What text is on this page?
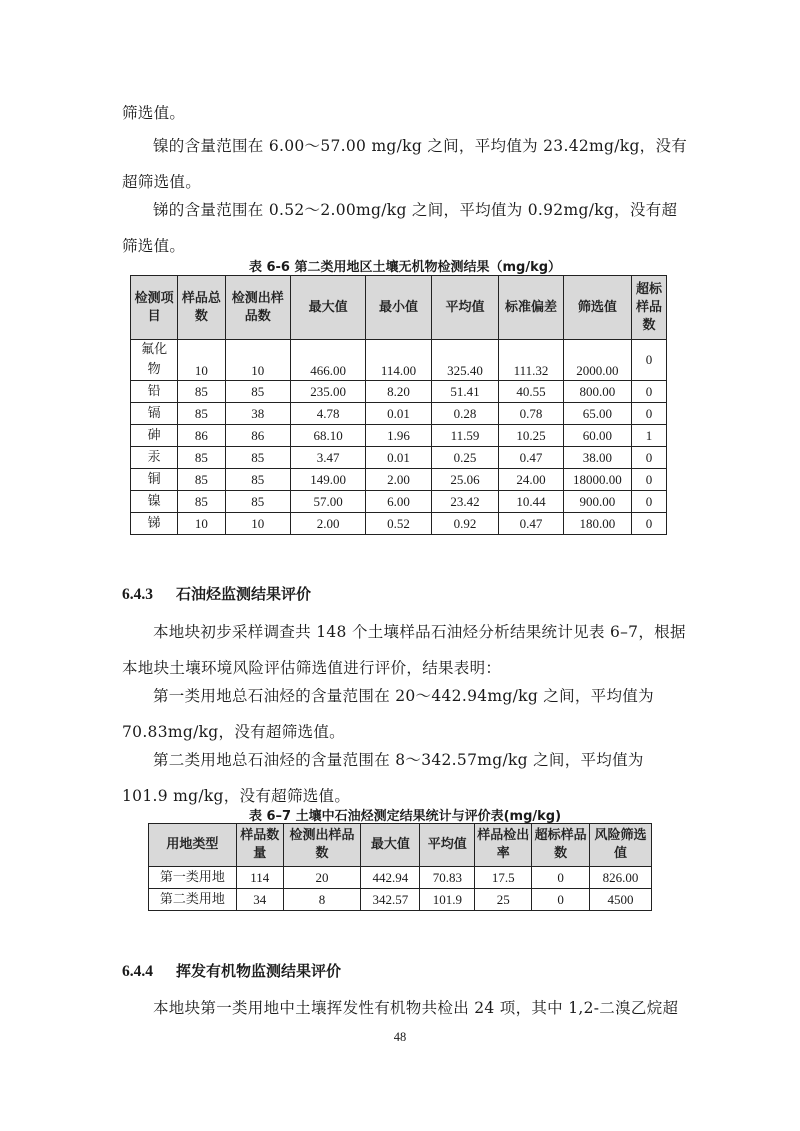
筛选值。

镍的含量范围在 6.00～57.00 mg/kg 之间，平均值为 23.42mg/kg，没有超筛选值。

锑的含量范围在 0.52～2.00mg/kg 之间，平均值为 0.92mg/kg，没有超筛选值。

表 6-6 第二类用地区土壤无机物检测结果（mg/kg）
检测项目	样品总数	检测出样品数	最大值	最小值	平均值	标准偏差	筛选值	超标样品数
氟化物	10	10	466.00	114.00	325.40	111.32	2000.00	0
铅	85	85	235.00	8.20	51.41	40.55	800.00	0
镉	85	38	4.78	0.01	0.28	0.78	65.00	0
砷	86	86	68.10	1.96	11.59	10.25	60.00	1
汞	85	85	3.47	0.01	0.25	0.47	38.00	0
铜	85	85	149.00	2.00	25.06	24.00	18000.00	0
镍	85	85	57.00	6.00	23.42	10.44	900.00	0
锑	10	10	2.00	0.52	0.92	0.47	180.00	0
6.4.3 石油烃监测结果评价

本地块初步采样调查共 148 个土壤样品石油烃分析结果统计见表 6–7，根据本地块土壤环境风险评估筛选值进行评价，结果表明：

第一类用地总石油烃的含量范围在 20～442.94mg/kg 之间，平均值为 70.83mg/kg，没有超筛选值。

第二类用地总石油烃的含量范围在 8～342.57mg/kg 之间，平均值为 101.9 mg/kg，没有超筛选值。

表 6–7 土壤中石油烃测定结果统计与评价表(mg/kg)
用地类型	样品数量	检测出样品数	最大值	平均值	样品检出率	超标样品数	风险筛选值
第一类用地	114	20	442.94	70.83	17.5	0	826.00
第二类用地	34	8	342.57	101.9	25	0	4500
6.4.4 挥发有机物监测结果评价

本地块第一类用地中土壤挥发性有机物共检出 24 项，其中 1,2-二溴乙烷超

48
